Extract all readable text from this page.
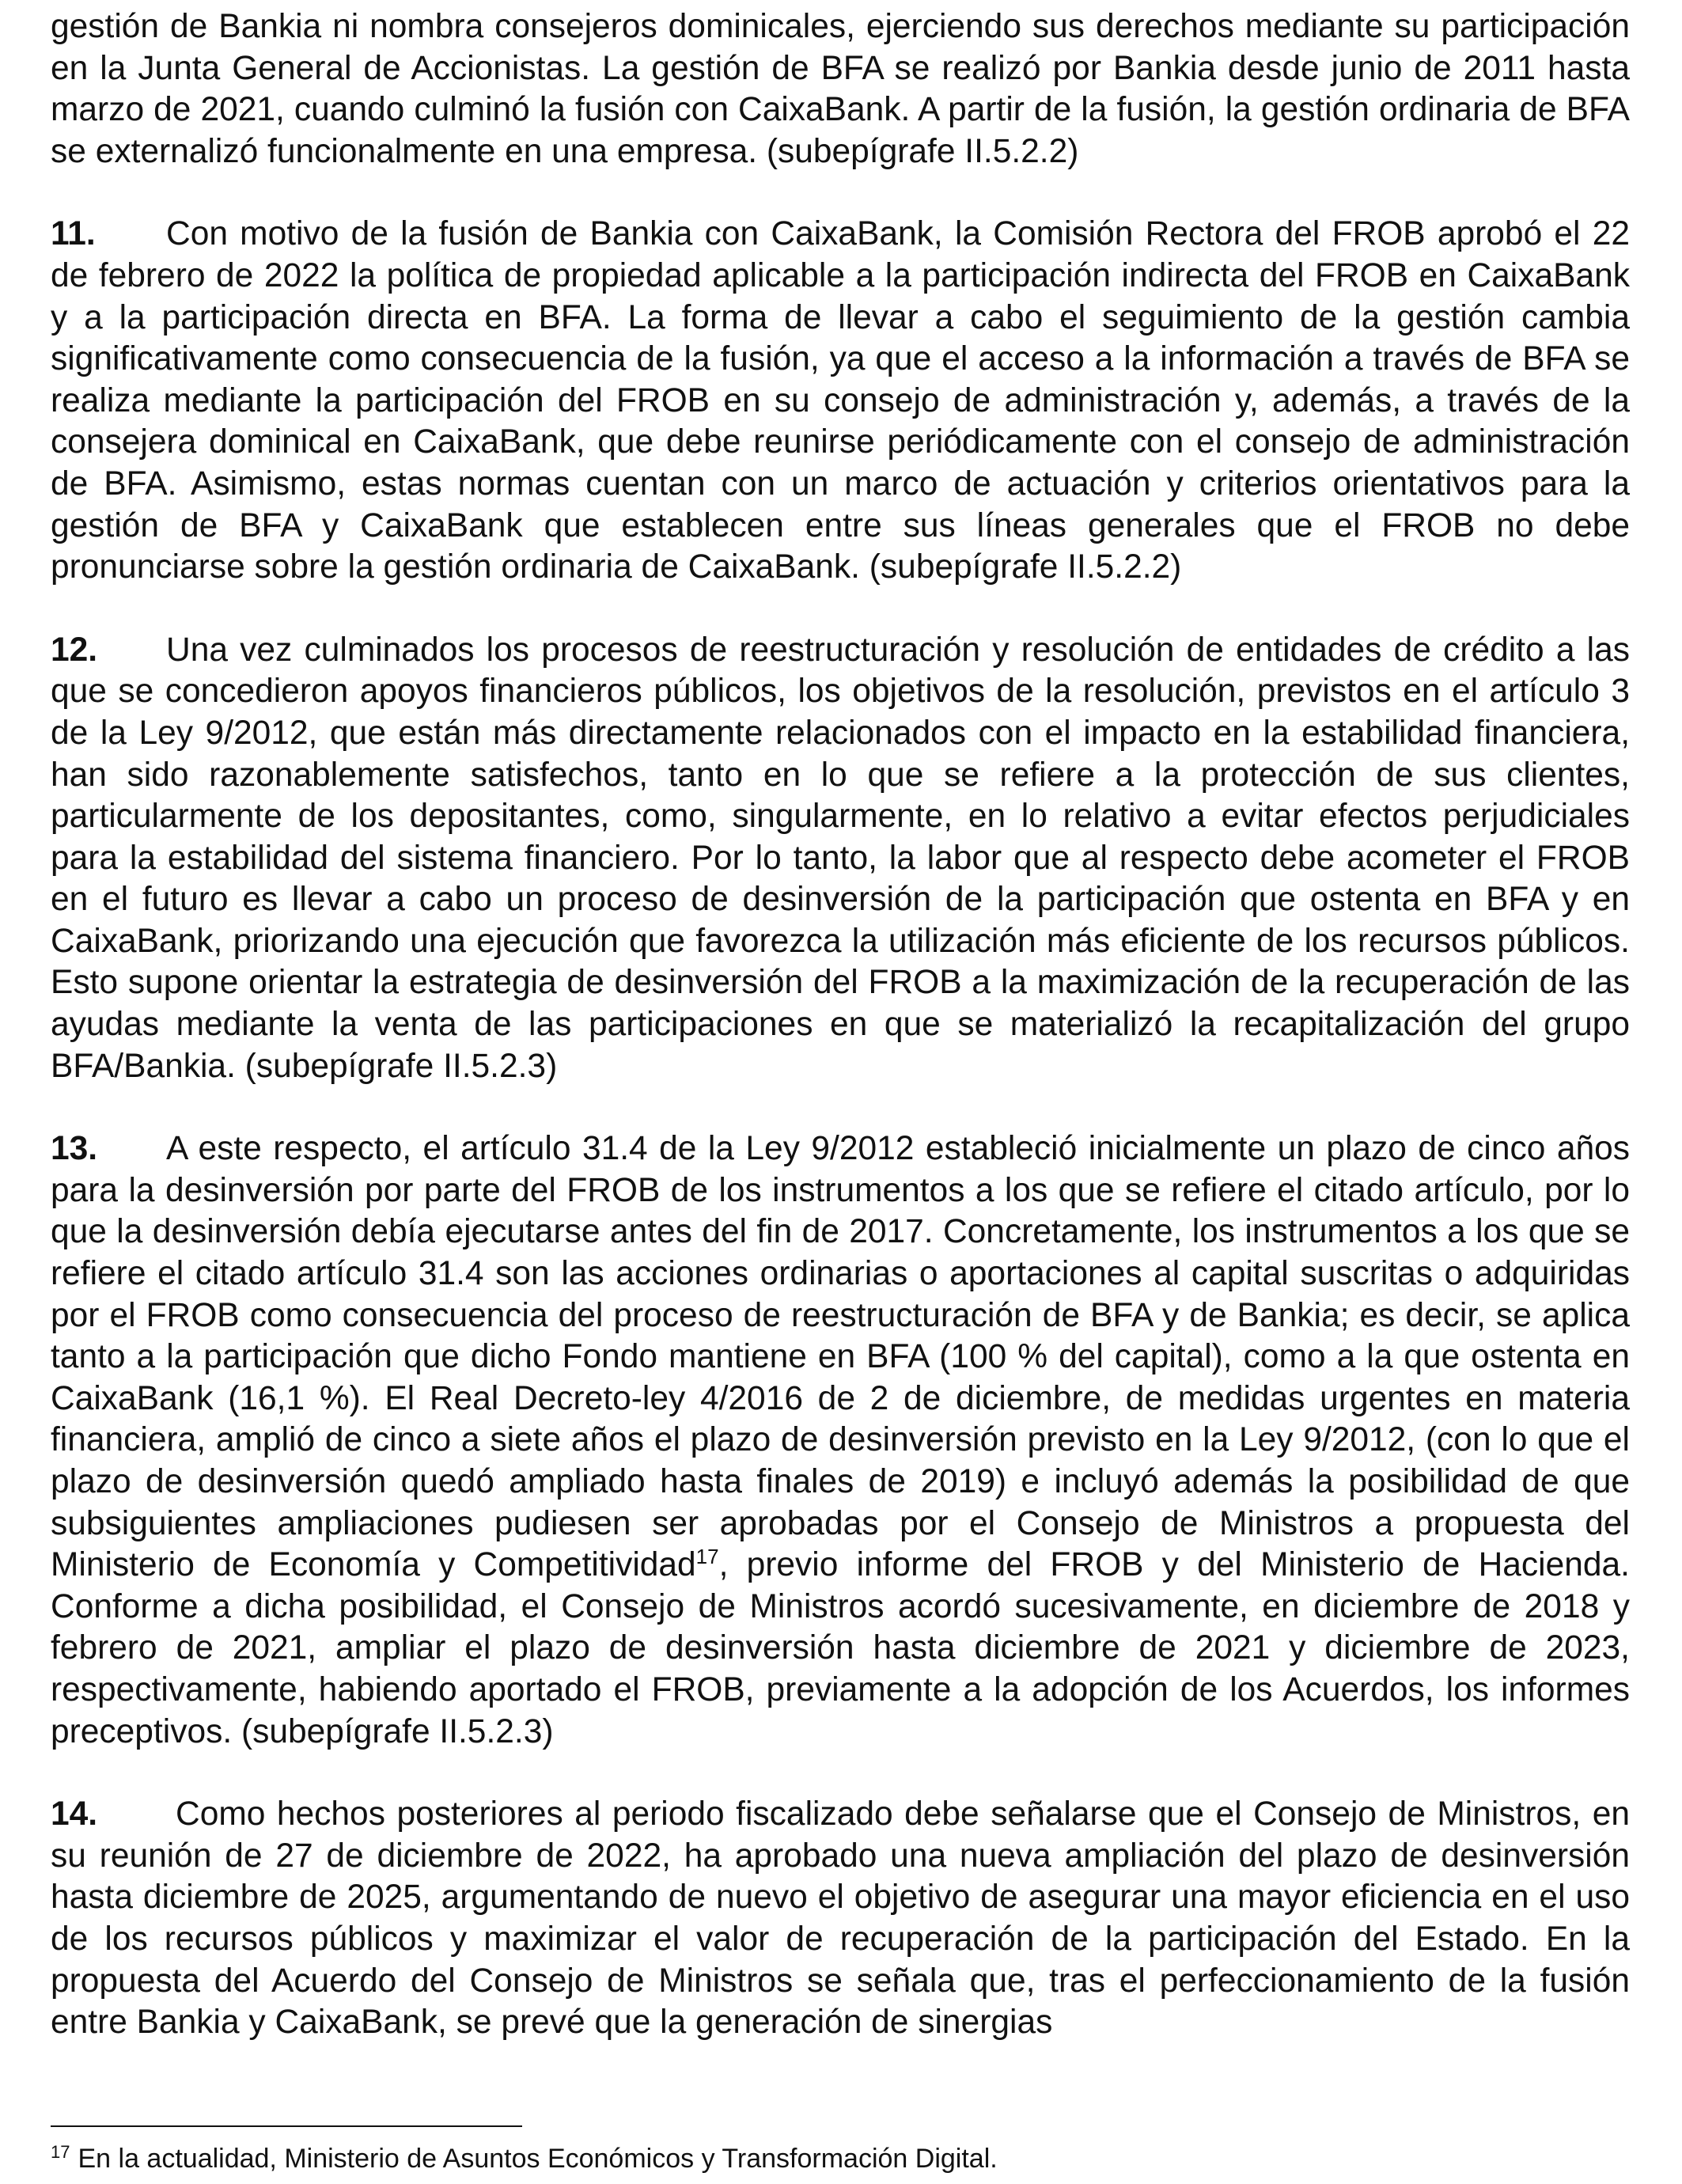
gestión de Bankia ni nombra consejeros dominicales, ejerciendo sus derechos mediante su participación en la Junta General de Accionistas. La gestión de BFA se realizó por Bankia desde junio de 2011 hasta marzo de 2021, cuando culminó la fusión con CaixaBank. A partir de la fusión, la gestión ordinaria de BFA se externalizó funcionalmente en una empresa. (subepígrafe II.5.2.2)

11. Con motivo de la fusión de Bankia con CaixaBank, la Comisión Rectora del FROB aprobó el 22 de febrero de 2022 la política de propiedad aplicable a la participación indirecta del FROB en CaixaBank y a la participación directa en BFA. La forma de llevar a cabo el seguimiento de la gestión cambia significativamente como consecuencia de la fusión, ya que el acceso a la información a través de BFA se realiza mediante la participación del FROB en su consejo de administración y, además, a través de la consejera dominical en CaixaBank, que debe reunirse periódicamente con el consejo de administración de BFA. Asimismo, estas normas cuentan con un marco de actuación y criterios orientativos para la gestión de BFA y CaixaBank que establecen entre sus líneas generales que el FROB no debe pronunciarse sobre la gestión ordinaria de CaixaBank. (subepígrafe II.5.2.2)

12. Una vez culminados los procesos de reestructuración y resolución de entidades de crédito a las que se concedieron apoyos financieros públicos, los objetivos de la resolución, previstos en el artículo 3 de la Ley 9/2012, que están más directamente relacionados con el impacto en la estabilidad financiera, han sido razonablemente satisfechos, tanto en lo que se refiere a la protección de sus clientes, particularmente de los depositantes, como, singularmente, en lo relativo a evitar efectos perjudiciales para la estabilidad del sistema financiero. Por lo tanto, la labor que al respecto debe acometer el FROB en el futuro es llevar a cabo un proceso de desinversión de la participación que ostenta en BFA y en CaixaBank, priorizando una ejecución que favorezca la utilización más eficiente de los recursos públicos. Esto supone orientar la estrategia de desinversión del FROB a la maximización de la recuperación de las ayudas mediante la venta de las participaciones en que se materializó la recapitalización del grupo BFA/Bankia. (subepígrafe II.5.2.3)

13. A este respecto, el artículo 31.4 de la Ley 9/2012 estableció inicialmente un plazo de cinco años para la desinversión por parte del FROB de los instrumentos a los que se refiere el citado artículo, por lo que la desinversión debía ejecutarse antes del fin de 2017. Concretamente, los instrumentos a los que se refiere el citado artículo 31.4 son las acciones ordinarias o aportaciones al capital suscritas o adquiridas por el FROB como consecuencia del proceso de reestructuración de BFA y de Bankia; es decir, se aplica tanto a la participación que dicho Fondo mantiene en BFA (100 % del capital), como a la que ostenta en CaixaBank (16,1 %). El Real Decreto-ley 4/2016 de 2 de diciembre, de medidas urgentes en materia financiera, amplió de cinco a siete años el plazo de desinversión previsto en la Ley 9/2012, (con lo que el plazo de desinversión quedó ampliado hasta finales de 2019) e incluyó además la posibilidad de que subsiguientes ampliaciones pudiesen ser aprobadas por el Consejo de Ministros a propuesta del Ministerio de Economía y Competitividad$^{17}$, previo informe del FROB y del Ministerio de Hacienda. Conforme a dicha posibilidad, el Consejo de Ministros acordó sucesivamente, en diciembre de 2018 y febrero de 2021, ampliar el plazo de desinversión hasta diciembre de 2021 y diciembre de 2023, respectivamente, habiendo aportado el FROB, previamente a la adopción de los Acuerdos, los informes preceptivos. (subepígrafe II.5.2.3)

14. Como hechos posteriores al periodo fiscalizado debe señalarse que el Consejo de Ministros, en su reunión de 27 de diciembre de 2022, ha aprobado una nueva ampliación del plazo de desinversión hasta diciembre de 2025, argumentando de nuevo el objetivo de asegurar una mayor eficiencia en el uso de los recursos públicos y maximizar el valor de recuperación de la participación del Estado. En la propuesta del Acuerdo del Consejo de Ministros se señala que, tras el perfeccionamiento de la fusión entre Bankia y CaixaBank, se prevé que la generación de sinergias

$^{17}$ En la actualidad, Ministerio de Asuntos Económicos y Transformación Digital.
